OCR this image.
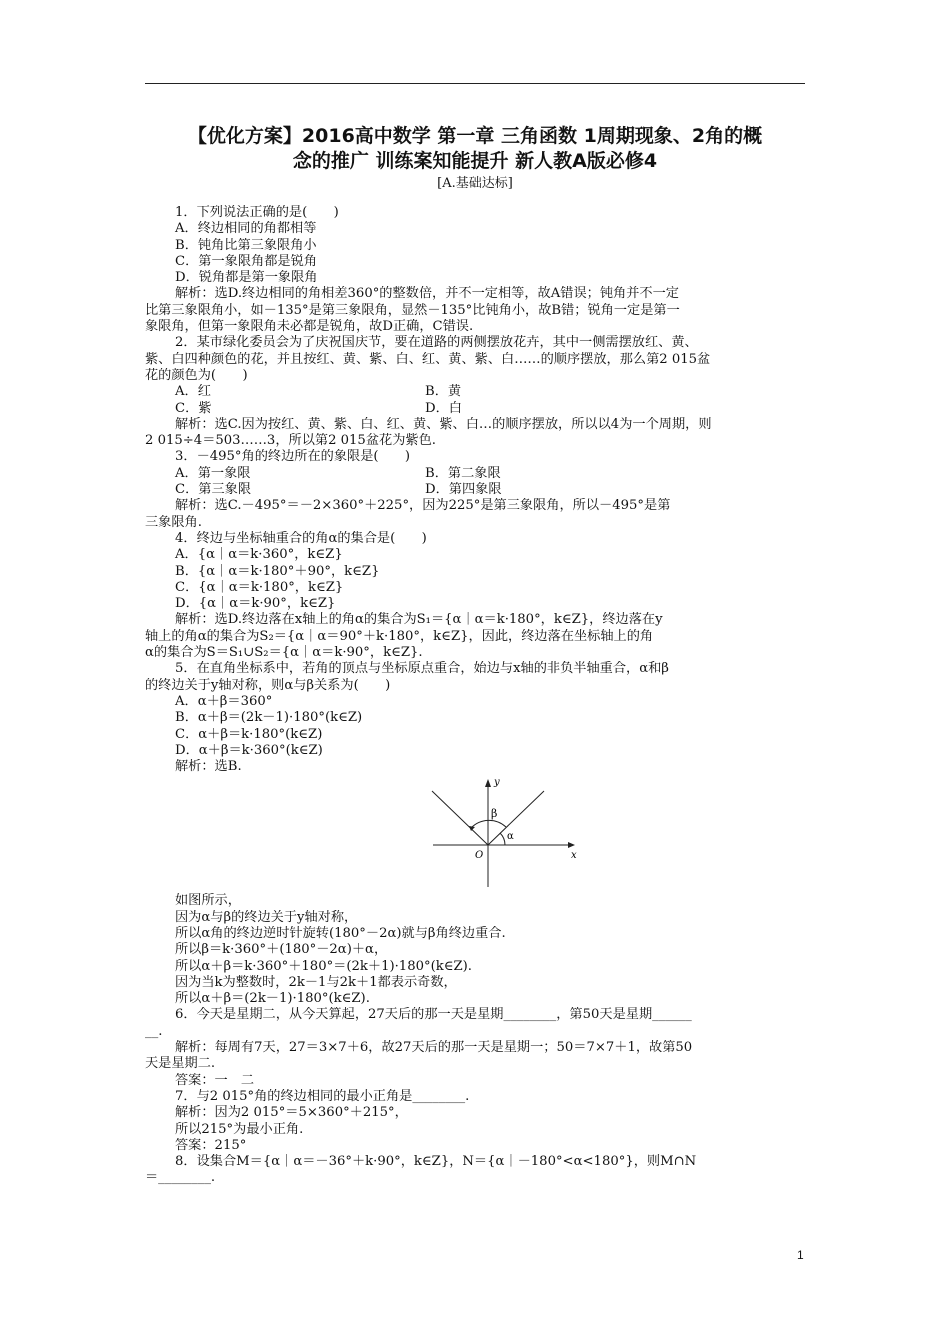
【优化方案】2016高中数学 第一章 三角函数 1周期现象、2角的概
念的推广 训练案知能提升 新人教A版必修4
[A.基础达标]
1．下列说法正确的是(　　)
A．终边相同的角都相等
B．钝角比第三象限角小
C．第一象限角都是锐角
D．锐角都是第一象限角
解析：选D.终边相同的角相差360°的整数倍，并不一定相等，故A错误；钝角并不一定
比第三象限角小，如－135°是第三象限角，显然－135°比钝角小，故B错；锐角一定是第一
象限角，但第一象限角未必都是锐角，故D正确，C错误.
2．某市绿化委员会为了庆祝国庆节，要在道路的两侧摆放花卉，其中一侧需摆放红、黄、
紫、白四种颜色的花，并且按红、黄、紫、白、红、黄、紫、白……的顺序摆放，那么第2 015盆
花的颜色为(　　)
A．红	B．黄
C．紫	D．白
解析：选C.因为按红、黄、紫、白、红、黄、紫、白…的顺序摆放，所以以4为一个周期，则
2 015÷4＝503……3，所以第2 015盆花为紫色.
3．－495°角的终边所在的象限是(　　)
A．第一象限	B．第二象限
C．第三象限	D．第四象限
解析：选C.－495°＝－2×360°＋225°，因为225°是第三象限角，所以－495°是第
三象限角.
4．终边与坐标轴重合的角α的集合是(　　)
A．{α｜α＝k·360°，k∈Z}
B．{α｜α＝k·180°＋90°，k∈Z}
C．{α｜α＝k·180°，k∈Z}
D．{α｜α＝k·90°，k∈Z}
解析：选D.终边落在x轴上的角α的集合为S₁＝{α｜α＝k·180°，k∈Z}，终边落在y
轴上的角α的集合为S₂＝{α｜α＝90°＋k·180°，k∈Z}，因此，终边落在坐标轴上的角
α的集合为S＝S₁∪S₂＝{α｜α＝k·90°，k∈Z}.
5．在直角坐标系中，若角的顶点与坐标原点重合，始边与x轴的非负半轴重合，α和β
的终边关于y轴对称，则α与β关系为(　　)
A．α＋β＝360°
B．α＋β＝(2k－1)·180°(k∈Z)
C．α＋β＝k·180°(k∈Z)
D．α＋β＝k·360°(k∈Z)
解析：选B.
y
x
O
β
α
如图所示，
因为α与β的终边关于y轴对称，
所以α角的终边逆时针旋转(180°－2α)就与β角终边重合.
所以β＝k·360°＋(180°－2α)＋α，
所以α＋β＝k·360°＋180°＝(2k＋1)·180°(k∈Z).
因为当k为整数时，2k－1与2k＋1都表示奇数，
所以α＋β＝(2k－1)·180°(k∈Z).
6．今天是星期二，从今天算起，27天后的那一天是星期________，第50天是星期______
__.
解析：每周有7天，27＝3×7＋6，故27天后的那一天是星期一；50＝7×7＋1，故第50
天是星期二.
答案：一　二
7．与2 015°角的终边相同的最小正角是________.
解析：因为2 015°＝5×360°＋215°，
所以215°为最小正角.
答案：215°
8．设集合M＝{α｜α＝－36°＋k·90°，k∈Z}，N＝{α｜－180°<α<180°}，则M∩N
＝________.
1
